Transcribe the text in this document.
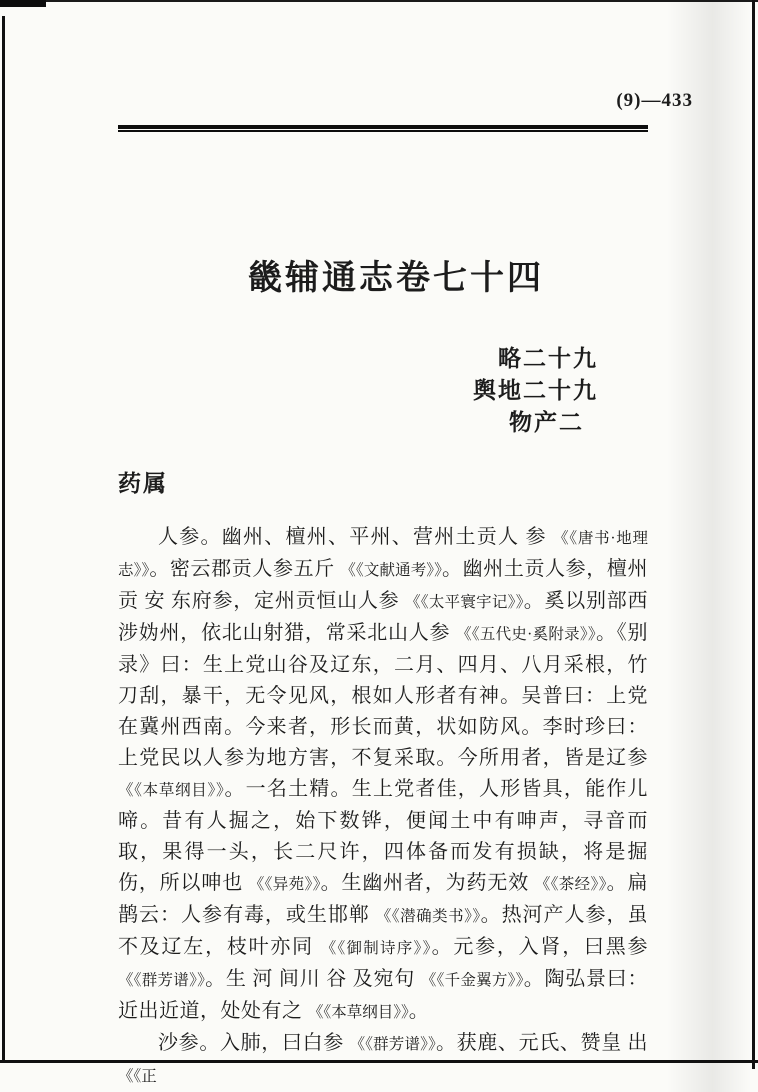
(9)—433
畿辅通志卷七十四
略二十九
舆地二十九
物产二
药属

人参。幽州、檀州、平州、营州土贡人 参 《《唐书·地理志》》。密云郡贡人参五斤 《《文献通考》》。幽州土贡人参，檀州贡 安 东府参，定州贡恒山人参 《《太平寰宇记》》。奚以别部西涉妫州，依北山射猎，常采北山人参 《《五代史·奚附录》》。《别录》曰：生上党山谷及辽东，二月、四月、八月采根，竹刀刮，暴干，无令见风，根如人形者有神。吴普曰：上党在冀州西南。今来者，形长而黄，状如防风。李时珍曰：上党民以人参为地方害，不复采取。今所用者，皆是辽参 《《本草纲目》》。一名土精。生上党者佳，人形皆具，能作儿啼。昔有人掘之，始下数铧，便闻土中有呻声，寻音而取，果得一头，长二尺许，四体备而发有损缺，将是掘伤，所以呻也 《《异苑》》。生幽州者，为药无效 《《茶经》》。扁鹊云：人参有毒，或生邯郸 《《潜确类书》》。热河产人参，虽不及辽左，枝叶亦同 《《御制诗序》》。元参，入肾，曰黑参 《《群芳谱》》。生 河 间川 谷 及宛句 《《千金翼方》》。陶弘景曰：近出近道，处处有之 《《本草纲目》》。

沙参。入肺，曰白参 《《群芳谱》》。获鹿、元氏、赞皇 出 《《正
